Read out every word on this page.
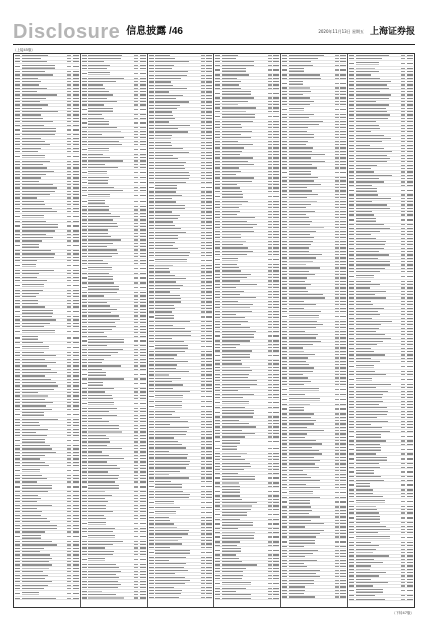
Disclosure 信息披露 /46	2020年11月13日 星期五 上海证券报
（上接45版）
（下转47版）
